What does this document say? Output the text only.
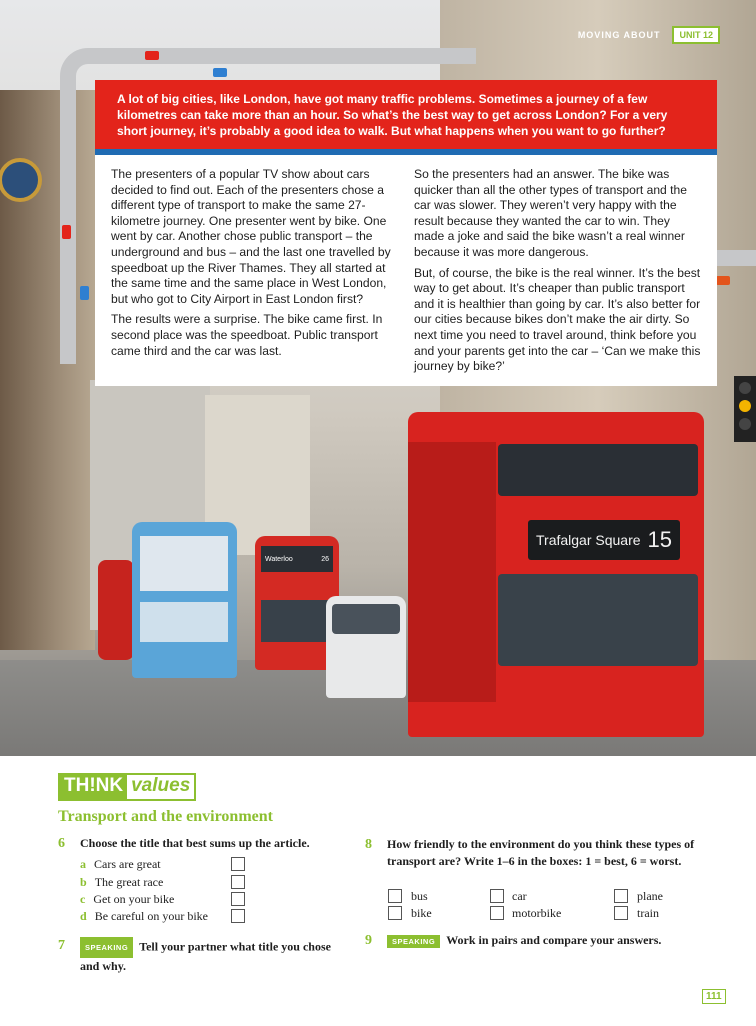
Waterloo	26
Trafalgar Square 15
MOVING ABOUT	UNIT 12
A lot of big cities, like London, have got many traffic problems. Sometimes a journey of a few kilometres can take more than an hour. So what’s the best way to get across London? For a very short journey, it’s probably a good idea to walk. But what happens when you want to go further?

The presenters of a popular TV show about cars decided to find out. Each of the presenters chose a different type of transport to make the same 27-kilometre journey. One presenter went by bike. One went by car. Another chose public transport – the underground and bus – and the last one travelled by speedboat up the River Thames. They all started at the same time and the same place in West London, but who got to City Airport in East London first?

The results were a surprise. The bike came first. In second place was the speedboat. Public transport came third and the car was last.

So the presenters had an answer. The bike was quicker than all the other types of transport and the car was slower. They weren’t very happy with the result because they wanted the car to win. They made a joke and said the bike wasn’t a real winner because it was more dangerous.

But, of course, the bike is the real winner. It’s the best way to get about. It’s cheaper than public transport and it is healthier than going by car. It’s also better for our cities because bikes don’t make the air dirty. So next time you need to travel around, think before you and your parents get into the car – ‘Can we make this journey by bike?’

TH!NK values
Transport and the environment
6 Choose the title that best sums up the article.
a Cars are great
b The great race
c Get on your bike
d Be careful on your bike
7	SPEAKING Tell your partner what title you chose and why.
8 How friendly to the environment do you think these types of transport are? Write 1–6 in the boxes: 1 = best, 6 = worst.
bus	car	plane
bike	motorbike	train
9	SPEAKING Work in pairs and compare your answers.
111
